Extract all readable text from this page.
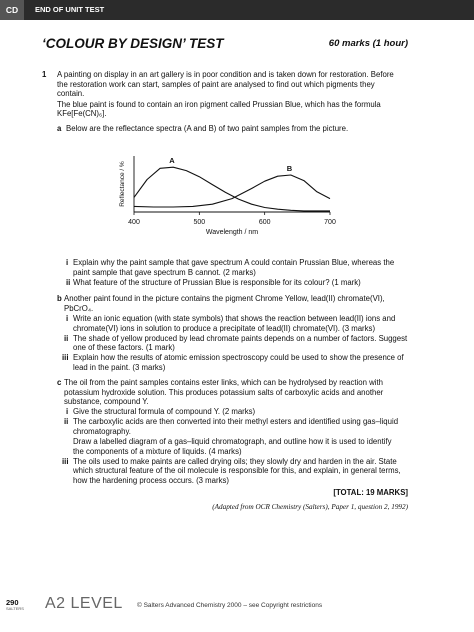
CD	END OF UNIT TEST
‘COLOUR BY DESIGN’ TEST	60 marks (1 hour)
1 A painting on display in an art gallery is in poor condition and is taken down for restoration. Before
the restoration work can start, samples of paint are analysed to find out which pigments they
contain.
The blue paint is found to contain an iron pigment called Prussian Blue, which has the formula
KFe[Fe(CN)₆].
a Below are the reflectance spectra (A and B) of two paint samples from the picture.
400	500	600	700
Wavelength / nm
Reflectance / %
A
B
i Explain why the paint sample that gave spectrum A could contain Prussian Blue, whereas the
paint sample that gave spectrum B cannot. (2 marks)
ii What feature of the structure of Prussian Blue is responsible for its colour? (1 mark)
b Another paint found in the picture contains the pigment Chrome Yellow, lead(II) chromate(VI),
PbCrO₄.
i Write an ionic equation (with state symbols) that shows the reaction between lead(II) ions and
chromate(VI) ions in solution to produce a precipitate of lead(II) chromate(VI). (3 marks)
ii The shade of yellow produced by lead chromate paints depends on a number of factors. Suggest
one of these factors. (1 mark)
iii Explain how the results of atomic emission spectroscopy could be used to show the presence of
lead in the paint. (3 marks)
c The oil from the paint samples contains ester links, which can be hydrolysed by reaction with
potassium hydroxide solution. This produces potassium salts of carboxylic acids and another
substance, compound Y.
i Give the structural formula of compound Y. (2 marks)
ii The carboxylic acids are then converted into their methyl esters and identified using gas–liquid
chromatography.
Draw a labelled diagram of a gas–liquid chromatograph, and outline how it is used to identify
the components of a mixture of liquids. (4 marks)
iii The oils used to make paints are called drying oils; they slowly dry and harden in the air. State
which structural feature of the oil molecule is responsible for this, and explain, in general terms,
how the hardening process occurs. (3 marks)
[TOTAL: 19 MARKS]
(Adapted from OCR Chemistry (Salters), Paper 1, question 2, 1992)
290
SALTERS A2 LEVEL © Salters Advanced Chemistry 2000 – see Copyright restrictions
